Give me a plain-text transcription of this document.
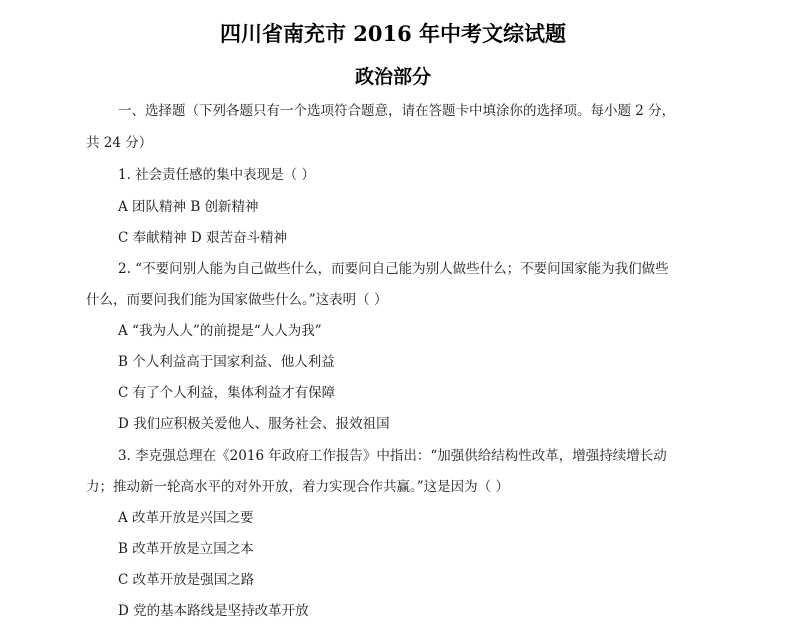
四川省南充市 2016 年中考文综试题
政治部分
一、选择题（下列各题只有一个选项符合题意，请在答题卡中填涂你的选择项。每小题 2 分，
共 24 分）
1. 社会责任感的集中表现是（ ）
A 团队精神 B 创新精神
C 奉献精神 D 艰苦奋斗精神
2. “不要问别人能为自己做些什么，而要问自己能为别人做些什么；不要问国家能为我们做些
什么，而要问我们能为国家做些什么。”这表明（ ）
A “我为人人”的前提是“人人为我”
B 个人利益高于国家利益、他人利益
C 有了个人利益，集体利益才有保障
D 我们应积极关爱他人、服务社会、报效祖国
3. 李克强总理在《2016 年政府工作报告》中指出：“加强供给结构性改革，增强持续增长动
力；推动新一轮高水平的对外开放，着力实现合作共赢。”这是因为（ ）
A 改革开放是兴国之要
B 改革开放是立国之本
C 改革开放是强国之路
D 党的基本路线是坚持改革开放
